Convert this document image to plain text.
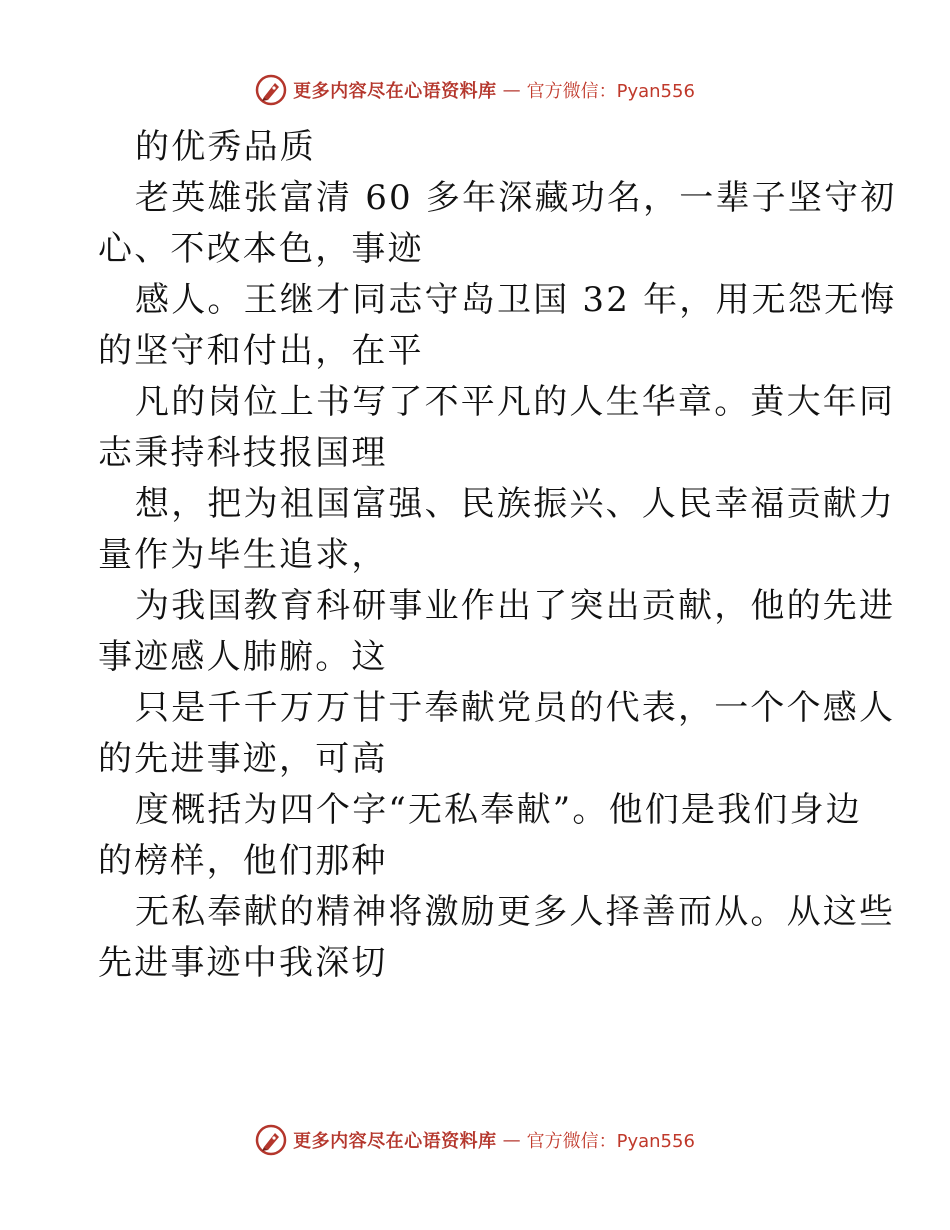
更多内容尽在心语资料库 — 官方微信：Pyan556
的优秀品质
老英雄张富清 60 多年深藏功名，一辈子坚守初
心、不改本色，事迹
感人。王继才同志守岛卫国 32 年，用无怨无悔
的坚守和付出，在平
凡的岗位上书写了不平凡的人生华章。黄大年同
志秉持科技报国理
想，把为祖国富强、民族振兴、人民幸福贡献力
量作为毕生追求，
为我国教育科研事业作出了突出贡献，他的先进
事迹感人肺腑。这
只是千千万万甘于奉献党员的代表，一个个感人
的先进事迹，可高
度概括为四个字“无私奉献”。他们是我们身边
的榜样，他们那种
无私奉献的精神将激励更多人择善而从。从这些
先进事迹中我深切
更多内容尽在心语资料库 — 官方微信：Pyan556
